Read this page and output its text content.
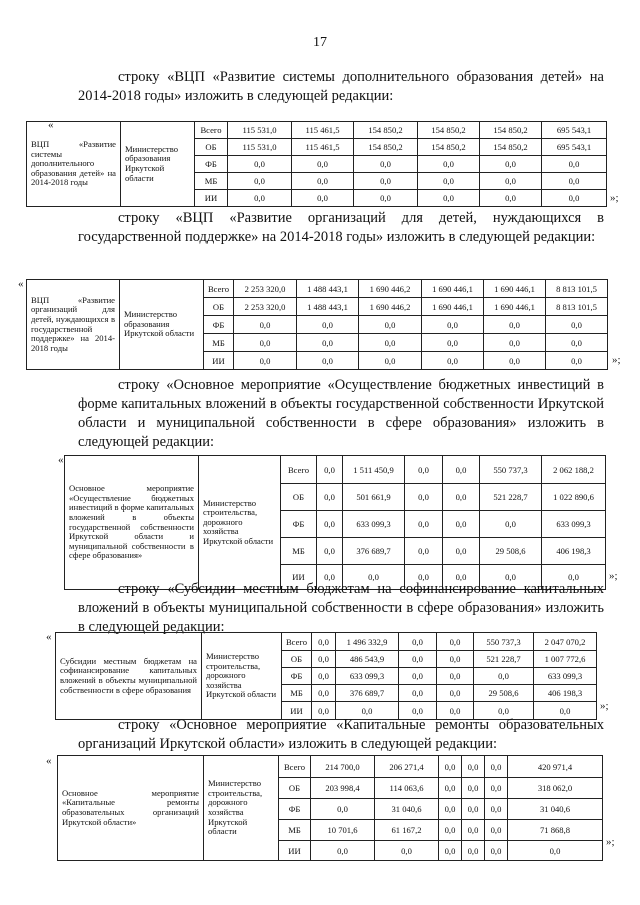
17
строку «ВЦП «Развитие системы дополнительного образования детей» на 2014-2018 годы» изложить в следующей редакции:
«
ВЦП «Развитие системы дополнительного образования детей» на 2014-2018 годы	Министерство образования Иркутской области	Всего	115 531,0	115 461,5	154 850,2	154 850,2	154 850,2	695 543,1
		ОБ	115 531,0	115 461,5	154 850,2	154 850,2	154 850,2	695 543,1
		ФБ	0,0	0,0	0,0	0,0	0,0	0,0
		МБ	0,0	0,0	0,0	0,0	0,0	0,0
		ИИ	0,0	0,0	0,0	0,0	0,0	0,0	»;
строку «ВЦП «Развитие организаций для детей, нуждающихся в государственной поддержке» на 2014-2018 годы» изложить в следующей редакции:
«
ВЦП «Развитие организаций для детей, нуждающихся в государственной поддержке» на 2014-2018 годы	Министерство образования Иркутской области	Всего	2 253 320,0	1 488 443,1	1 690 446,2	1 690 446,1	1 690 446,1	8 813 101,5
		ОБ	2 253 320,0	1 488 443,1	1 690 446,2	1 690 446,1	1 690 446,1	8 813 101,5
		ФБ	0,0	0,0	0,0	0,0	0,0	0,0
		МБ	0,0	0,0	0,0	0,0	0,0	0,0
		ИИ	0,0	0,0	0,0	0,0	0,0	0,0	»;
строку «Основное мероприятие «Осуществление бюджетных инвестиций в форме капитальных вложений в объекты государственной собственности Иркутской области и муниципальной собственности в сфере образования» изложить в следующей редакции:
«
Основное мероприятие «Осуществление бюджетных инвестиций в форме капитальных вложений в объекты государственной собственности Иркутской области и муниципальной собственности в сфере образования»	Министерство строительства, дорожного хозяйства Иркутской области	Всего	0,0	1 511 450,9	0,0	0,0	550 737,3	2 062 188,2
		ОБ	0,0	501 661,9	0,0	0,0	521 228,7	1 022 890,6
		ФБ	0,0	633 099,3	0,0	0,0	0,0	633 099,3
		МБ	0,0	376 689,7	0,0	0,0	29 508,6	406 198,3
		ИИ	0,0	0,0	0,0	0,0	0,0	0,0	»;
строку «Субсидии местным бюджетам на софинансирование капитальных вложений в объекты муниципальной собственности в сфере образования» изложить в следующей редакции:
«
Субсидии местным бюджетам на софинансирование капитальных вложений в объекты муниципальной собственности в сфере образования	Министерство строительства, дорожного хозяйства Иркутской области	Всего	0,0	1 496 332,9	0,0	0,0	550 737,3	2 047 070,2
		ОБ	0,0	486 543,9	0,0	0,0	521 228,7	1 007 772,6
		ФБ	0,0	633 099,3	0,0	0,0	0,0	633 099,3
		МБ	0,0	376 689,7	0,0	0,0	29 508,6	406 198,3
		ИИ	0,0	0,0	0,0	0,0	0,0	0,0	»;
строку «Основное мероприятие «Капитальные ремонты образовательных организаций Иркутской области» изложить в следующей редакции:
«
Основное мероприятие «Капитальные ремонты образовательных организаций Иркутской области»	Министерство строительства, дорожного хозяйства Иркутской области	Всего	214 700,0	206 271,4	0,0	0,0	0,0	420 971,4
		ОБ	203 998,4	114 063,6	0,0	0,0	0,0	318 062,0
		ФБ	0,0	31 040,6	0,0	0,0	0,0	31 040,6
		МБ	10 701,6	61 167,2	0,0	0,0	0,0	71 868,8
		ИИ	0,0	0,0	0,0	0,0	0,0	0,0
»;
